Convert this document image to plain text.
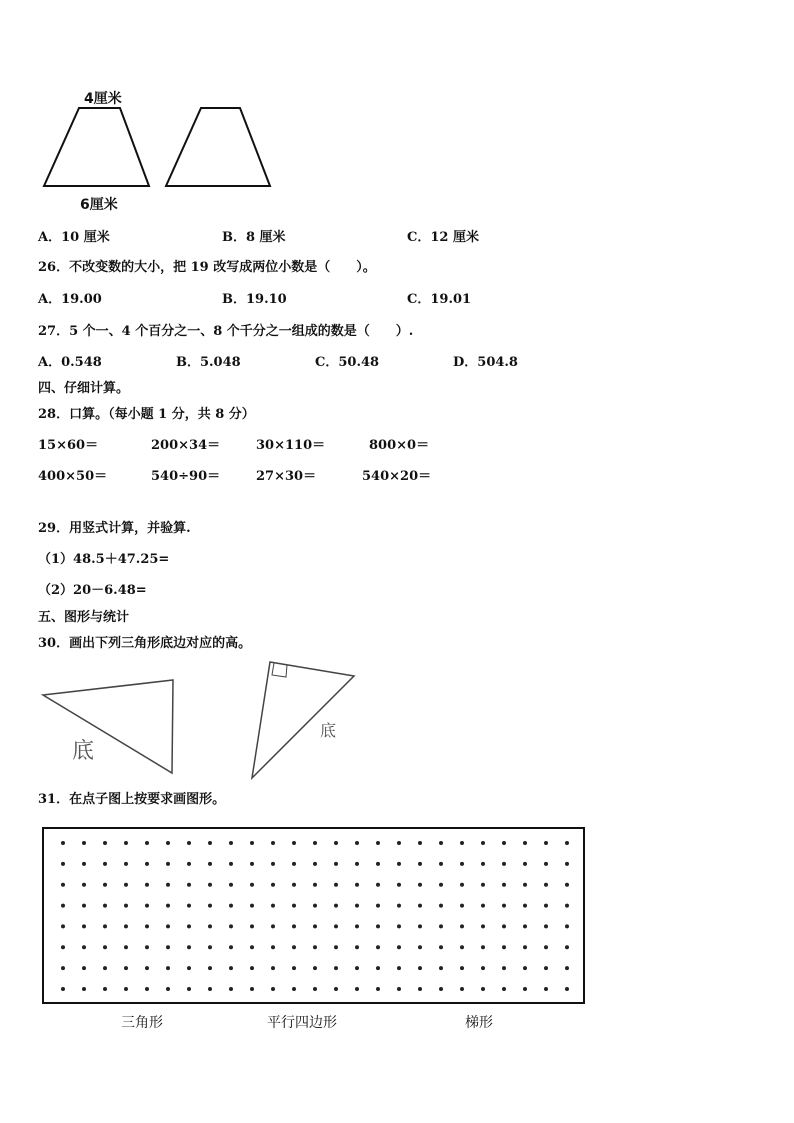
4厘米
6厘米
A．10 厘米	B．8 厘米	C．12 厘米
26．不改变数的大小，把 19 改写成两位小数是（　　）。
A．19.00	B．19.10	C．19.01
27．5 个一、4 个百分之一、8 个千分之一组成的数是（　　）.
A．0.548	B．5.048	C．50.48	D．504.8
四、仔细计算。
28．口算。（每小题 1 分，共 8 分）
15×60＝	200×34＝	30×110＝	800×0＝
400×50＝	540÷90＝	27×30＝	540×20＝
29．用竖式计算，并验算.
（1）48.5＋47.25=
（2）20－6.48=
五、图形与统计
30．画出下列三角形底边对应的高。
底
底
31．在点子图上按要求画图形。
三角形	平行四边形	梯形
